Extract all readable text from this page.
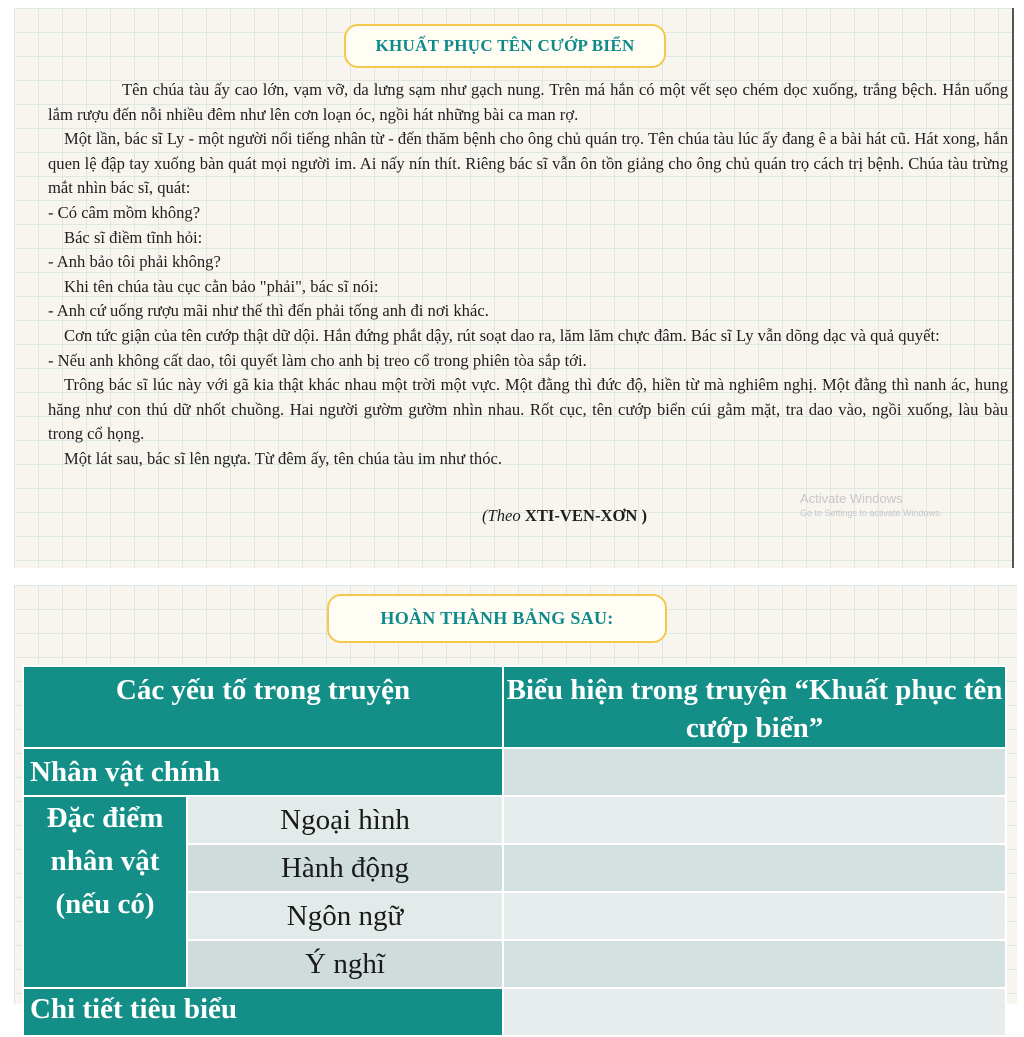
KHUẤT PHỤC TÊN CƯỚP BIỂN

Tên chúa tàu ấy cao lớn, vạm vỡ, da lưng sạm như gạch nung. Trên má hắn có một vết sẹo chém dọc xuống, trắng bệch. Hắn uống lắm rượu đến nỗi nhiều đêm như lên cơn loạn óc, ngồi hát những bài ca man rợ.

Một lần, bác sĩ Ly - một người nổi tiếng nhân từ - đến thăm bệnh cho ông chủ quán trọ. Tên chúa tàu lúc ấy đang ê a bài hát cũ. Hát xong, hắn quen lệ đập tay xuống bàn quát mọi người im. Ai nấy nín thít. Riêng bác sĩ vẫn ôn tồn giảng cho ông chủ quán trọ cách trị bệnh. Chúa tàu trừng mắt nhìn bác sĩ, quát:

- Có câm mồm không?

Bác sĩ điềm tĩnh hỏi:

- Anh bảo tôi phải không?

Khi tên chúa tàu cục cằn bảo "phải", bác sĩ nói:

- Anh cứ uống rượu mãi như thế thì đến phải tống anh đi nơi khác.

Cơn tức giận của tên cướp thật dữ dội. Hắn đứng phắt dậy, rút soạt dao ra, lăm lăm chực đâm. Bác sĩ Ly vẫn dõng dạc và quả quyết:

- Nếu anh không cất dao, tôi quyết làm cho anh bị treo cổ trong phiên tòa sắp tới.

Trông bác sĩ lúc này với gã kia thật khác nhau một trời một vực. Một đằng thì đức độ, hiền từ mà nghiêm nghị. Một đằng thì nanh ác, hung hăng như con thú dữ nhốt chuồng. Hai người gườm gườm nhìn nhau. Rốt cục, tên cướp biển cúi gằm mặt, tra dao vào, ngồi xuống, làu bàu trong cổ họng.

Một lát sau, bác sĩ lên ngựa. Từ đêm ấy, tên chúa tàu im như thóc.

(Theo XTI-VEN-XƠN )
Activate Windows
Go to Settings to activate Windows.
HOÀN THÀNH BẢNG SAU:
Các yếu tố trong truyện		Biểu hiện trong truyện “Khuất phục tên cướp biển”
Nhân vật chính		
Đặc điểm nhân vật (nếu có)	Ngoại hình	
	Hành động	
	Ngôn ngữ	
	Ý nghĩ	
Chi tiết tiêu biểu		
